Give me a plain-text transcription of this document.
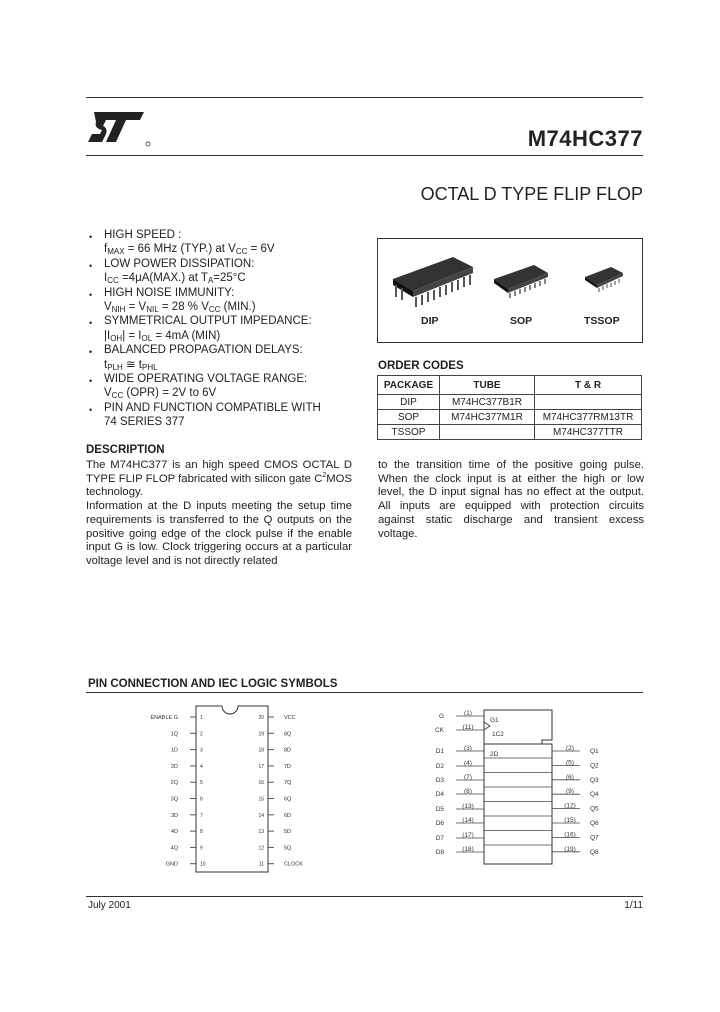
M74HC377
OCTAL D TYPE FLIP FLOP
• HIGH SPEED :
$f_{MAX} = 66$ MHz (TYP.) at $V_{CC} = 6V$
• LOW POWER DISSIPATION:
$I_{CC} =4\mu A(MAX.)$ at $T_A=25^\circ C$
• HIGH NOISE IMMUNITY:
$V_{NIH} = V_{NIL} = 28$ % $V_{CC}$ (MIN.)
• SYMMETRICAL OUTPUT IMPEDANCE:
$|I_{OH}| = I_{OL} = 4mA$ (MIN)
• BALANCED PROPAGATION DELAYS:
$t_{PLH}$ ≅ $t_{PHL}$
• WIDE OPERATING VOLTAGE RANGE:
$V_{CC}$ (OPR) = 2V to 6V
• PIN AND FUNCTION COMPATIBLE WITH
74 SERIES 377
DIP	SOP	TSSOP
ORDER CODES
PACKAGE	TUBE	T & R
DIP	M74HC377B1R	
SOP	M74HC377M1R	M74HC377RM13TR
TSSOP		M74HC377TTR
DESCRIPTION
The M74HC377 is an high speed CMOS OCTAL D TYPE FLIP FLOP fabricated with silicon gate $C^2MOS$ technology.
Information at the D inputs meeting the setup time requirements is transferred to the Q outputs on the positive going edge of the clock pulse if the enable input G is low. Clock triggering occurs at a particular voltage level and is not directly related
to the transition time of the positive going pulse. When the clock input is at either the high or low level, the D input signal has no effect at the output. All inputs are equipped with protection circuits against static discharge and transient excess voltage.
PIN CONNECTION AND IEC LOGIC SYMBOLS
ENABLE G	1	20	VCC
1Q	2	19	8Q
1D	3	18	8D
2D	4	17	7D
2Q	5	16	7Q
3Q	6	15	6Q
3D	7	14	6D
4D	8	13	5D
4Q	9	12	5Q
GND	10	11	CLOCK
G	(1)
CK	(11)
D1	(3)
D2	(4)
D3	(7)
D4	(8)
D5	(13)
D6	(14)
D7	(17)
D8	(18)
G1
1C2
2D
(2) Q1
(5) Q2
(6) Q3
(9) Q4
(12) Q5
(15) Q6
(16) Q7
(19) Q8
July 2001	1/11
